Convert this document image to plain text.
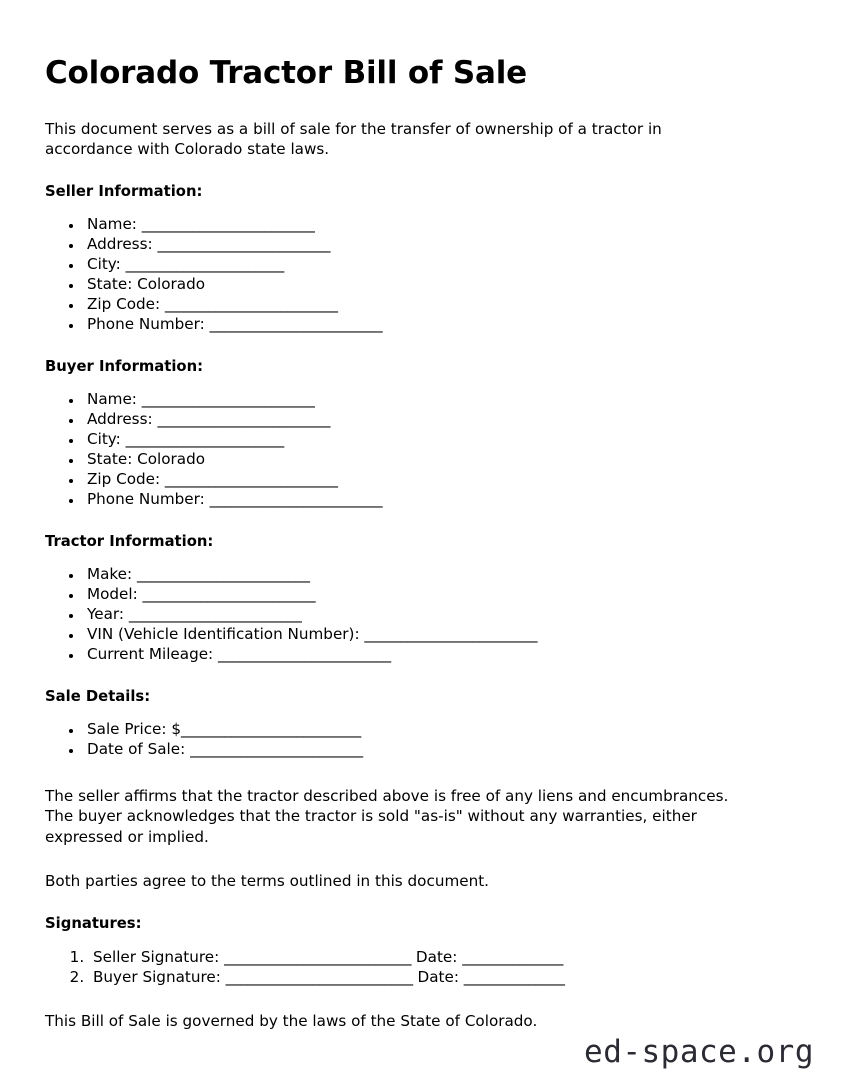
Colorado Tractor Bill of Sale

This document serves as a bill of sale for the transfer of ownership of a tractor in accordance with Colorado state laws.

Seller Information:
• Name: ________________________
• Address: ________________________
• City: ______________________
• State: Colorado
• Zip Code: ________________________
• Phone Number: ________________________
Buyer Information:
• Name: ________________________
• Address: ________________________
• City: ______________________
• State: Colorado
• Zip Code: ________________________
• Phone Number: ________________________
Tractor Information:
• Make: ________________________
• Model: ________________________
• Year: ________________________
• VIN (Vehicle Identification Number): ________________________
• Current Mileage: ________________________
Sale Details:
• Sale Price: $_________________________
• Date of Sale: ________________________

The seller affirms that the tractor described above is free of any liens and encumbrances. The buyer acknowledges that the tractor is sold "as-is" without any warranties, either expressed or implied.

Both parties agree to the terms outlined in this document.

Signatures:
1. Seller Signature: __________________________ Date: ______________
2. Buyer Signature: __________________________ Date: ______________

This Bill of Sale is governed by the laws of the State of Colorado.

ed-space.org
